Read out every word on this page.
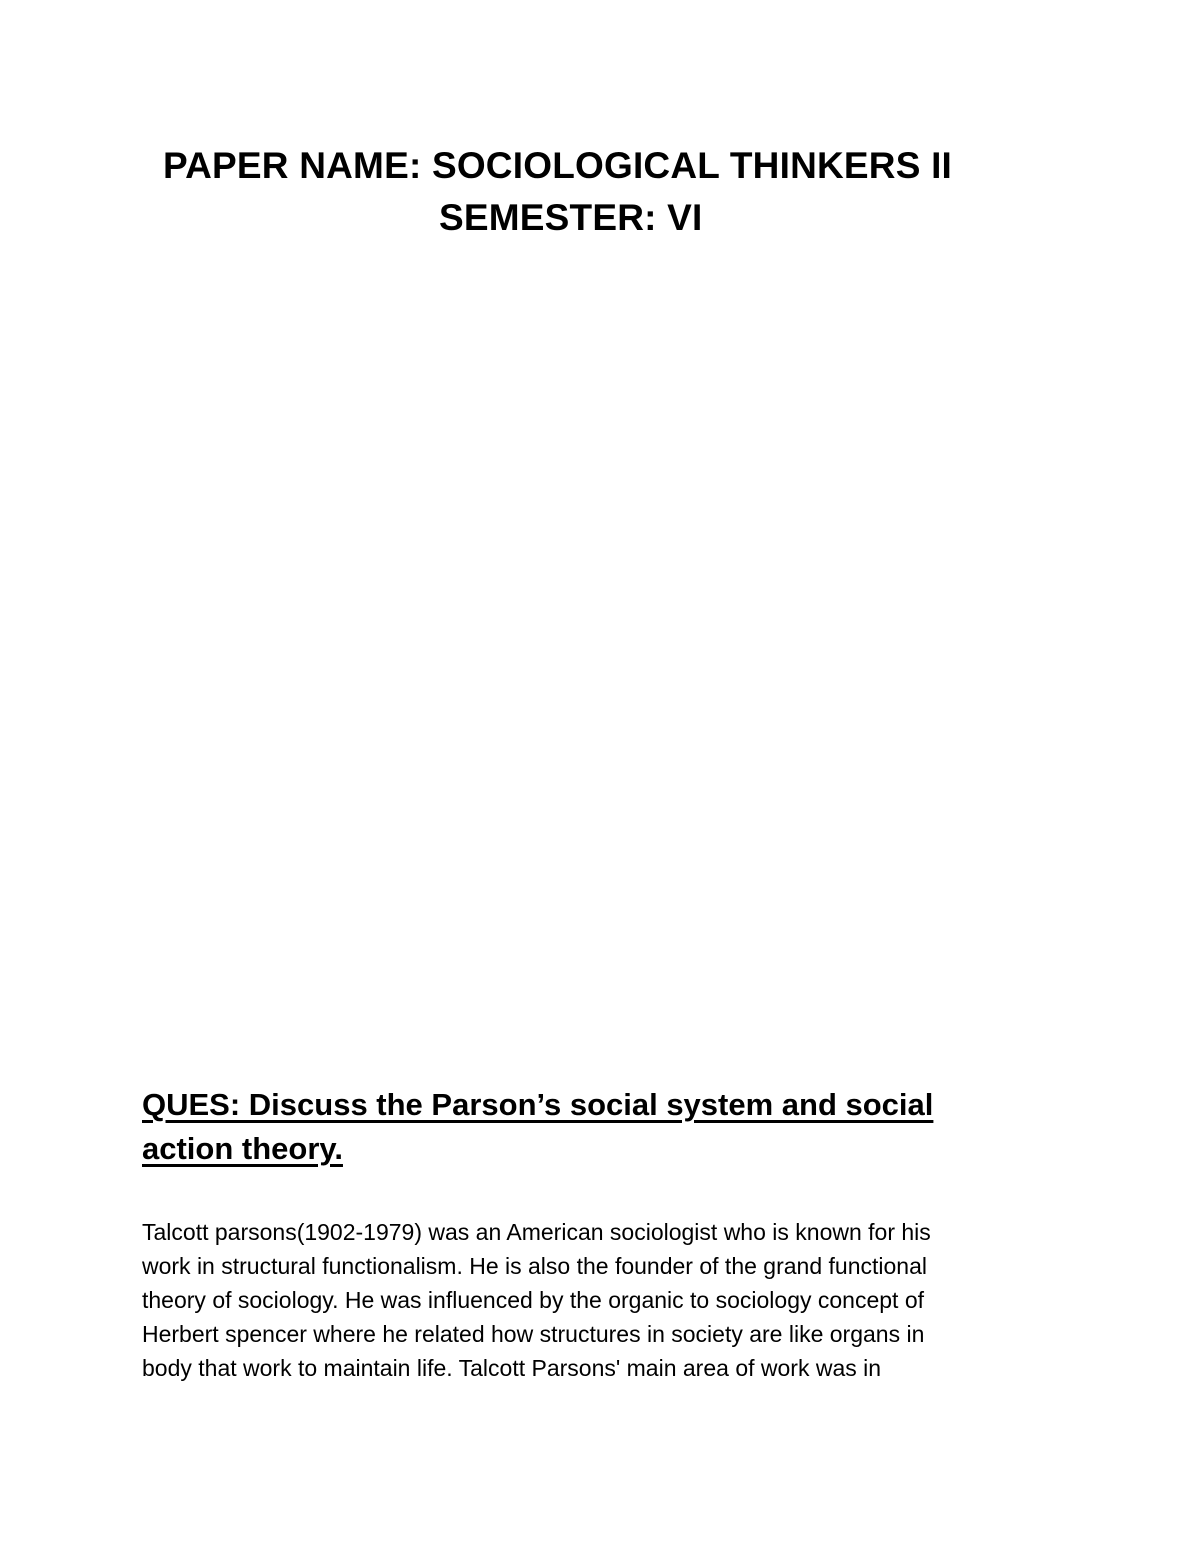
PAPER NAME: SOCIOLOGICAL THINKERS II
SEMESTER: VI
QUES: Discuss the Parson’s social system and social
action theory.
Talcott parsons(1902-1979) was an American sociologist who is known for his
work in structural functionalism. He is also the founder of the grand functional
theory of sociology. He was influenced by the organic to sociology concept of
Herbert spencer where he related how structures in society are like organs in
body that work to maintain life. Talcott Parsons' main area of work was in
